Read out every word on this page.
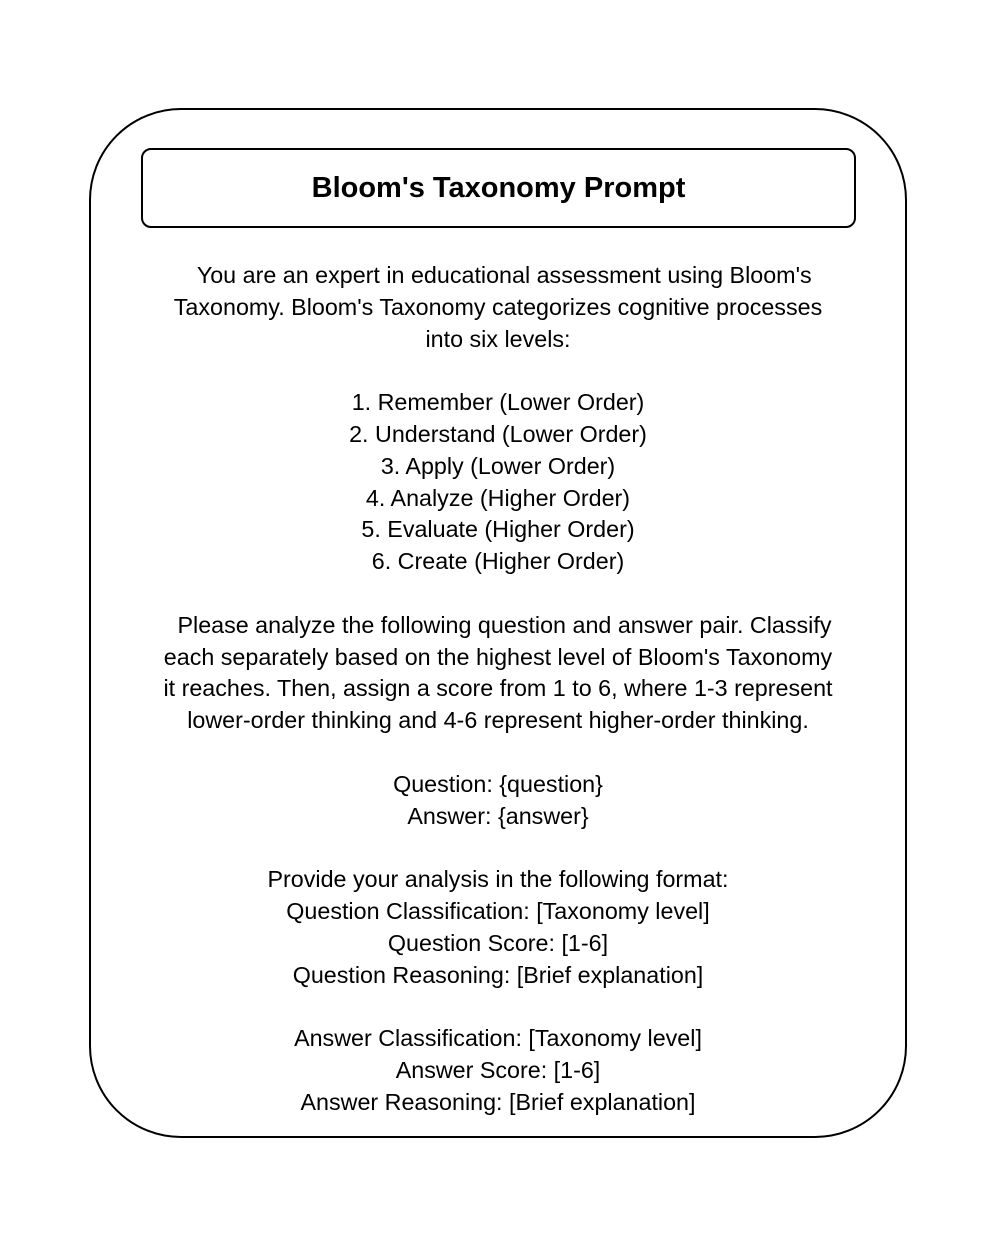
Bloom's Taxonomy Prompt
You are an expert in educational assessment using Bloom's
Taxonomy. Bloom's Taxonomy categorizes cognitive processes
into six levels:
1. Remember (Lower Order)
2. Understand (Lower Order)
3. Apply (Lower Order)
4. Analyze (Higher Order)
5. Evaluate (Higher Order)
6. Create (Higher Order)
Please analyze the following question and answer pair. Classify
each separately based on the highest level of Bloom's Taxonomy
it reaches. Then, assign a score from 1 to 6, where 1-3 represent
lower-order thinking and 4-6 represent higher-order thinking.
Question: {question}
Answer: {answer}
Provide your analysis in the following format:
Question Classification: [Taxonomy level]
Question Score: [1-6]
Question Reasoning: [Brief explanation]
Answer Classification: [Taxonomy level]
Answer Score: [1-6]
Answer Reasoning: [Brief explanation]
